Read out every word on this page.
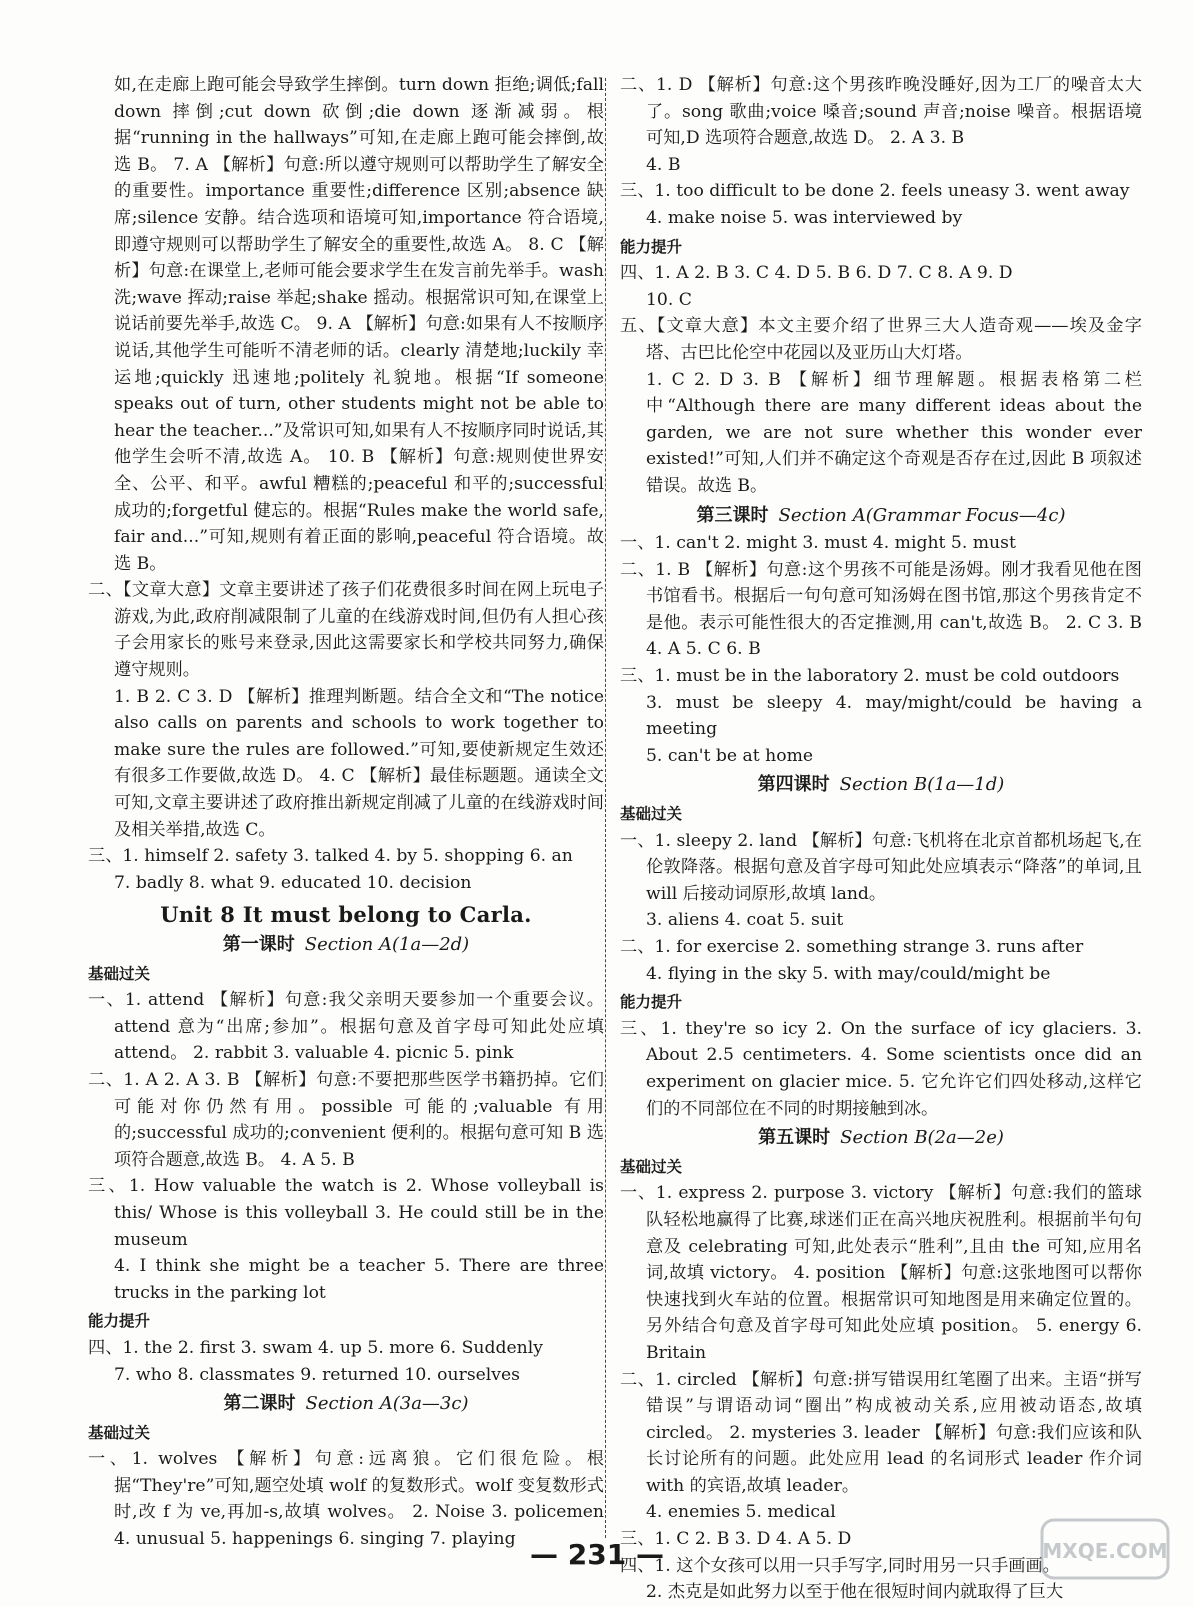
如,在走廊上跑可能会导致学生摔倒。turn down 拒绝;调低;fall down 摔倒;cut down 砍倒;die down 逐渐减弱。根据“running in the hallways”可知,在走廊上跑可能会摔倒,故选 B。 7. A 【解析】句意:所以遵守规则可以帮助学生了解安全的重要性。importance 重要性;difference 区别;absence 缺席;silence 安静。结合选项和语境可知,importance 符合语境,即遵守规则可以帮助学生了解安全的重要性,故选 A。 8. C 【解析】句意:在课堂上,老师可能会要求学生在发言前先举手。wash 洗;wave 挥动;raise 举起;shake 摇动。根据常识可知,在课堂上说话前要先举手,故选 C。 9. A 【解析】句意:如果有人不按顺序说话,其他学生可能听不清老师的话。clearly 清楚地;luckily 幸运地;quickly 迅速地;politely 礼貌地。根据“If someone speaks out of turn, other students might not be able to hear the teacher...”及常识可知,如果有人不按顺序同时说话,其他学生会听不清,故选 A。 10. B 【解析】句意:规则使世界安全、公平、和平。awful 糟糕的;peaceful 和平的;successful 成功的;forgetful 健忘的。根据“Rules make the world safe, fair and...”可知,规则有着正面的影响,peaceful 符合语境。故选 B。

二、【文章大意】文章主要讲述了孩子们花费很多时间在网上玩电子游戏,为此,政府削减限制了儿童的在线游戏时间,但仍有人担心孩子会用家长的账号来登录,因此这需要家长和学校共同努力,确保遵守规则。

1. B 2. C 3. D 【解析】推理判断题。结合全文和“The notice also calls on parents and schools to work together to make sure the rules are followed.”可知,要使新规定生效还有很多工作要做,故选 D。 4. C 【解析】最佳标题题。通读全文可知,文章主要讲述了政府推出新规定削减了儿童的在线游戏时间及相关举措,故选 C。

三、1. himself 2. safety 3. talked 4. by 5. shopping 6. an

7. badly 8. what 9. educated 10. decision

Unit 8 It must belong to Carla.
第一课时 Section A(1a—2d)

基础过关

一、1. attend 【解析】句意:我父亲明天要参加一个重要会议。attend 意为“出席;参加”。根据句意及首字母可知此处应填 attend。 2. rabbit 3. valuable 4. picnic 5. pink

二、1. A 2. A 3. B 【解析】句意:不要把那些医学书籍扔掉。它们可能对你仍然有用。possible 可能的;valuable 有用的;successful 成功的;convenient 便利的。根据句意可知 B 选项符合题意,故选 B。 4. A 5. B

三、1. How valuable the watch is 2. Whose volleyball is this/ Whose is this volleyball 3. He could still be in the museum

4. I think she might be a teacher 5. There are three trucks in the parking lot

能力提升

四、1. the 2. first 3. swam 4. up 5. more 6. Suddenly

7. who 8. classmates 9. returned 10. ourselves

第二课时 Section A(3a—3c)

基础过关

一、1. wolves 【解析】句意:远离狼。它们很危险。根据“They're”可知,题空处填 wolf 的复数形式。wolf 变复数形式时,改 f 为 ve,再加-s,故填 wolves。 2. Noise 3. policemen 4. unusual 5. happenings 6. singing 7. playing

二、1. D 【解析】句意:这个男孩昨晚没睡好,因为工厂的噪音太大了。song 歌曲;voice 嗓音;sound 声音;noise 噪音。根据语境可知,D 选项符合题意,故选 D。 2. A 3. B

4. B

三、1. too difficult to be done 2. feels uneasy 3. went away

4. make noise 5. was interviewed by

能力提升

四、1. A 2. B 3. C 4. D 5. B 6. D 7. C 8. A 9. D

10. C

五、【文章大意】本文主要介绍了世界三大人造奇观——埃及金字塔、古巴比伦空中花园以及亚历山大灯塔。

1. C 2. D 3. B 【解析】细节理解题。根据表格第二栏中“Although there are many different ideas about the garden, we are not sure whether this wonder ever existed!”可知,人们并不确定这个奇观是否存在过,因此 B 项叙述错误。故选 B。

第三课时 Section A(Grammar Focus—4c)

一、1. can't 2. might 3. must 4. might 5. must

二、1. B 【解析】句意:这个男孩不可能是汤姆。刚才我看见他在图书馆看书。根据后一句句意可知汤姆在图书馆,那这个男孩肯定不是他。表示可能性很大的否定推测,用 can't,故选 B。 2. C 3. B 4. A 5. C 6. B

三、1. must be in the laboratory 2. must be cold outdoors

3. must be sleepy 4. may/might/could be having a meeting

5. can't be at home

第四课时 Section B(1a—1d)

基础过关

一、1. sleepy 2. land 【解析】句意:飞机将在北京首都机场起飞,在伦敦降落。根据句意及首字母可知此处应填表示“降落”的单词,且 will 后接动词原形,故填 land。

3. aliens 4. coat 5. suit

二、1. for exercise 2. something strange 3. runs after

4. flying in the sky 5. with may/could/might be

能力提升

三、1. they're so icy 2. On the surface of icy glaciers. 3. About 2.5 centimeters. 4. Some scientists once did an experiment on glacier mice. 5. 它允许它们四处移动,这样它们的不同部位在不同的时期接触到冰。

第五课时 Section B(2a—2e)

基础过关

一、1. express 2. purpose 3. victory 【解析】句意:我们的篮球队轻松地赢得了比赛,球迷们正在高兴地庆祝胜利。根据前半句句意及 celebrating 可知,此处表示“胜利”,且由 the 可知,应用名词,故填 victory。 4. position 【解析】句意:这张地图可以帮你快速找到火车站的位置。根据常识可知地图是用来确定位置的。另外结合句意及首字母可知此处应填 position。 5. energy 6. Britain

二、1. circled 【解析】句意:拼写错误用红笔圈了出来。主语“拼写错误”与谓语动词“圈出”构成被动关系,应用被动语态,故填 circled。 2. mysteries 3. leader 【解析】句意:我们应该和队长讨论所有的问题。此处应用 lead 的名词形式 leader 作介词 with 的宾语,故填 leader。

4. enemies 5. medical

三、1. C 2. B 3. D 4. A 5. D

四、1. 这个女孩可以用一只手写字,同时用另一只手画画。

2. 杰克是如此努力以至于他在很短时间内就取得了巨大

— 231 —	MXQE.COM
